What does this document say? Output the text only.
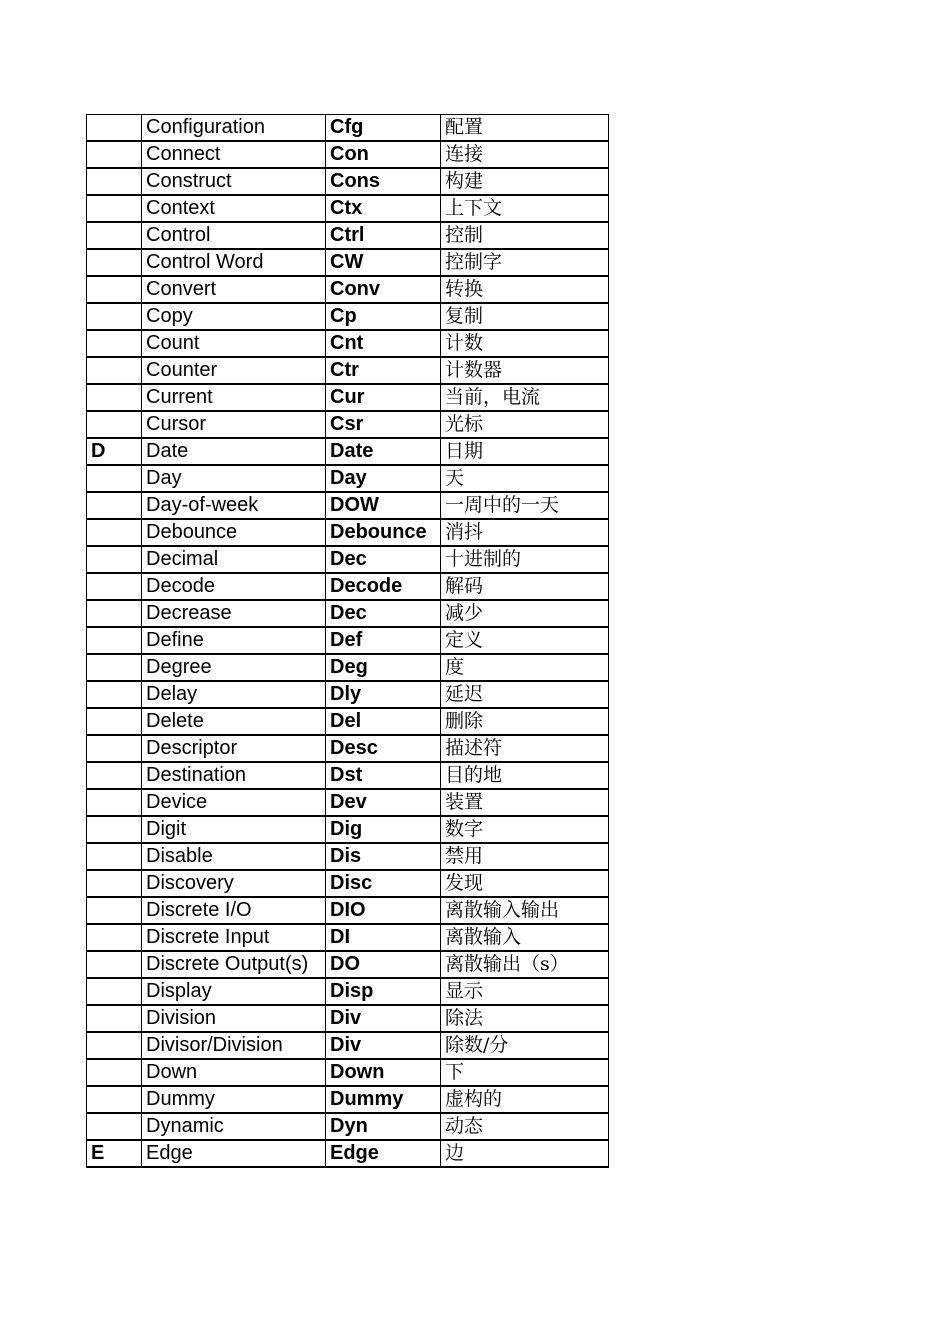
	Configuration	Cfg	配置
	Connect	Con	连接
	Construct	Cons	构建
	Context	Ctx	上下文
	Control	Ctrl	控制
	Control Word	CW	控制字
	Convert	Conv	转换
	Copy	Cp	复制
	Count	Cnt	计数
	Counter	Ctr	计数器
	Current	Cur	当前，电流
	Cursor	Csr	光标
D	Date	Date	日期
	Day	Day	天
	Day-of-week	DOW	一周中的一天
	Debounce	Debounce	消抖
	Decimal	Dec	十进制的
	Decode	Decode	解码
	Decrease	Dec	减少
	Define	Def	定义
	Degree	Deg	度
	Delay	Dly	延迟
	Delete	Del	删除
	Descriptor	Desc	描述符
	Destination	Dst	目的地
	Device	Dev	装置
	Digit	Dig	数字
	Disable	Dis	禁用
	Discovery	Disc	发现
	Discrete I/O	DIO	离散输入输出
	Discrete Input	DI	离散输入
	Discrete Output(s)	DO	离散输出（s）
	Display	Disp	显示
	Division	Div	除法
	Divisor/Division	Div	除数/分
	Down	Down	下
	Dummy	Dummy	虚构的
	Dynamic	Dyn	动态
E	Edge	Edge	边
